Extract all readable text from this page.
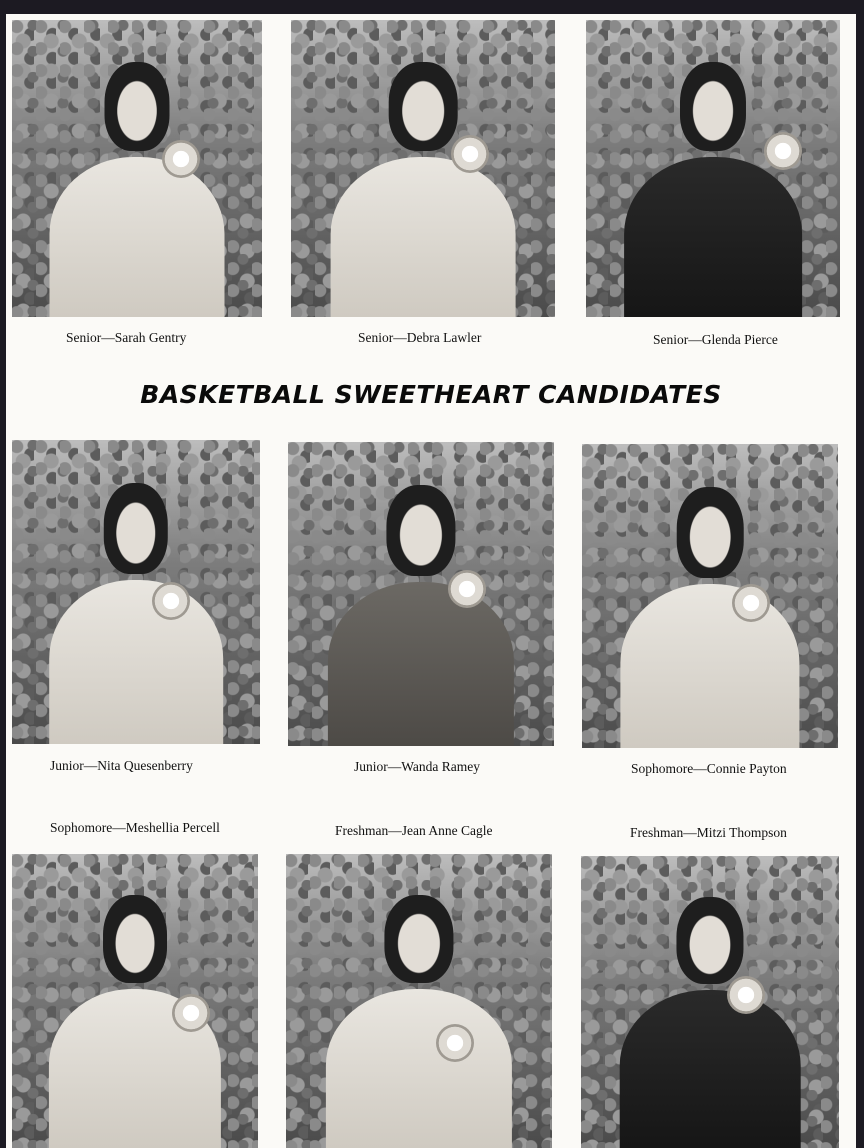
Senior—Sarah Gentry	Senior—Debra Lawler	Senior—Glenda Pierce
BASKETBALL SWEETHEART CANDIDATES
Junior—Nita Quesenberry	Junior—Wanda Ramey	Sophomore—Connie Payton
Sophomore—Meshellia Percell	Freshman—Jean Anne Cagle	Freshman—Mitzi Thompson
